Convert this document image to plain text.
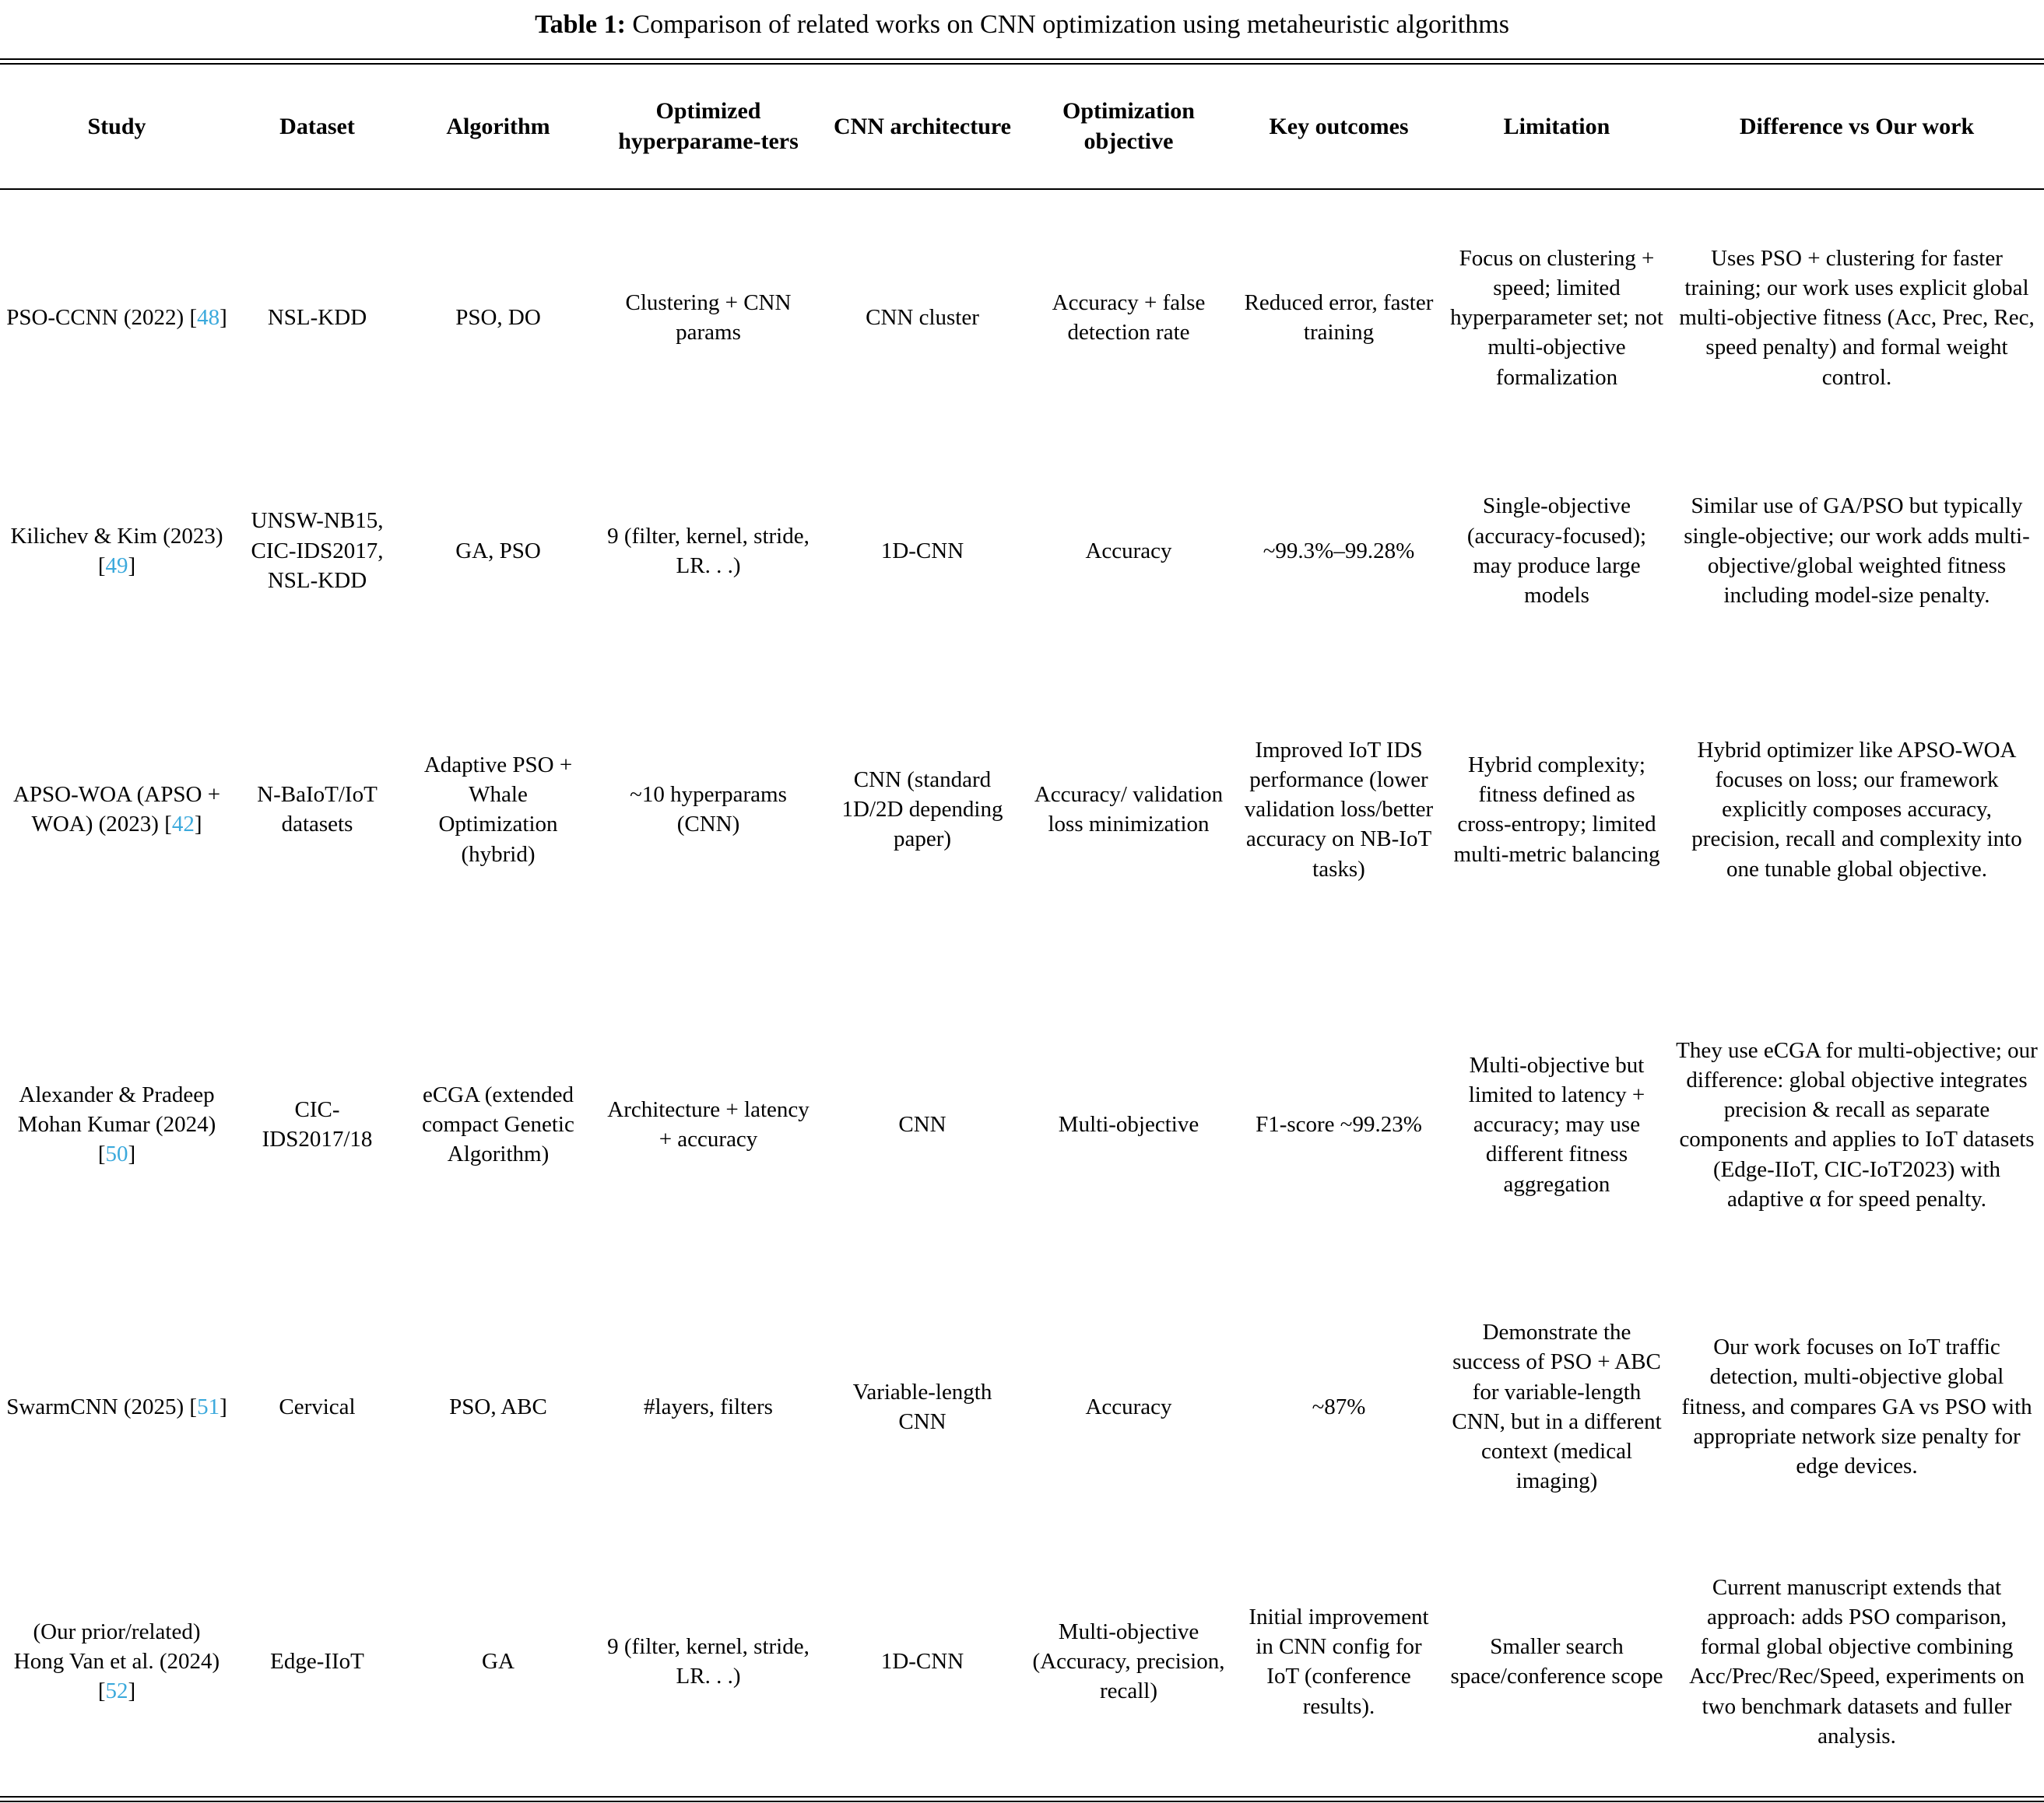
Table 1: Comparison of related works on CNN optimization using metaheuristic algorithms
Study	Dataset	Algorithm	Optimized hyperparame-ters	CNN architecture	Optimization objective	Key outcomes	Limitation	Difference vs Our work
PSO-CCNN (2022) [48]	NSL-KDD	PSO, DO	Clustering + CNN params	CNN cluster	Accuracy + false detection rate	Reduced error, faster training	Focus on clustering + speed; limited hyperparameter set; not multi-objective formalization	Uses PSO + clustering for faster training; our work uses explicit global multi-objective fitness (Acc, Prec, Rec, speed penalty) and formal weight control.
Kilichev & Kim (2023) [49]	UNSW-NB15, CIC-IDS2017, NSL-KDD	GA, PSO	9 (filter, kernel, stride, LR. . .)	1D-CNN	Accuracy	~99.3%–99.28%	Single-objective (accuracy-focused); may produce large models	Similar use of GA/PSO but typically single-objective; our work adds multi-objective/global weighted fitness including model-size penalty.
APSO-WOA (APSO + WOA) (2023) [42]	N-BaIoT/IoT datasets	Adaptive PSO + Whale Optimization (hybrid)	~10 hyperparams (CNN)	CNN (standard 1D/2D depending paper)	Accuracy/ validation loss minimization	Improved IoT IDS performance (lower validation loss/better accuracy on NB-IoT tasks)	Hybrid complexity; fitness defined as cross-entropy; limited multi-metric balancing	Hybrid optimizer like APSO-WOA focuses on loss; our framework explicitly composes accuracy, precision, recall and complexity into one tunable global objective.
Alexander & Pradeep Mohan Kumar (2024) [50]	CIC-IDS2017/18	eCGA (extended compact Genetic Algorithm)	Architecture + latency + accuracy	CNN	Multi-objective	F1-score ~99.23%	Multi-objective but limited to latency + accuracy; may use different fitness aggregation	They use eCGA for multi-objective; our difference: global objective integrates precision & recall as separate components and applies to IoT datasets (Edge-IIoT, CIC-IoT2023) with adaptive α for speed penalty.
SwarmCNN (2025) [51]	Cervical	PSO, ABC	#layers, filters	Variable-length CNN	Accuracy	~87%	Demonstrate the success of PSO + ABC for variable-length CNN, but in a different context (medical imaging)	Our work focuses on IoT traffic detection, multi-objective global fitness, and compares GA vs PSO with appropriate network size penalty for edge devices.
(Our prior/related) Hong Van et al. (2024) [52]	Edge-IIoT	GA	9 (filter, kernel, stride, LR. . .)	1D-CNN	Multi-objective (Accuracy, precision, recall)	Initial improvement in CNN config for IoT (conference results).	Smaller search space/conference scope	Current manuscript extends that approach: adds PSO comparison, formal global objective combining Acc/Prec/Rec/Speed, experiments on two benchmark datasets and fuller analysis.
